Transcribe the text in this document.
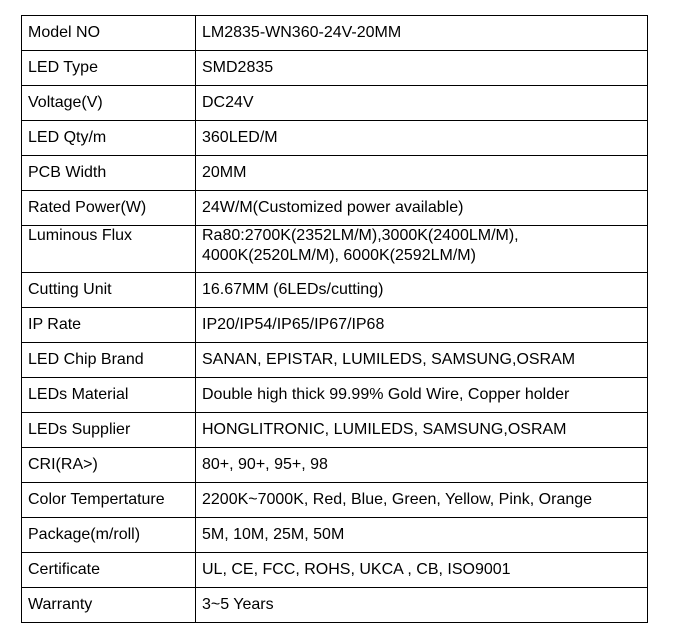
Model NO	LM2835-WN360-24V-20MM
LED Type	SMD2835
Voltage(V)	DC24V
LED Qty/m	360LED/M
PCB Width	20MM
Rated Power(W)	24W/M(Customized power available)
Luminous Flux	Ra80:2700K(2352LM/M),3000K(2400LM/M),
4000K(2520LM/M), 6000K(2592LM/M)

Cutting Unit	16.67MM (6LEDs/cutting)
IP Rate	IP20/IP54/IP65/IP67/IP68
LED Chip Brand	SANAN, EPISTAR, LUMILEDS, SAMSUNG,OSRAM
LEDs Material	Double high thick 99.99% Gold Wire, Copper holder
LEDs Supplier	HONGLITRONIC, LUMILEDS, SAMSUNG,OSRAM
CRI(RA>)	80+, 90+, 95+, 98
Color Tempertature	2200K~7000K, Red, Blue, Green, Yellow, Pink, Orange
Package(m/roll)	5M, 10M, 25M, 50M
Certificate	UL, CE, FCC, ROHS, UKCA , CB, ISO9001
Warranty	3~5 Years
